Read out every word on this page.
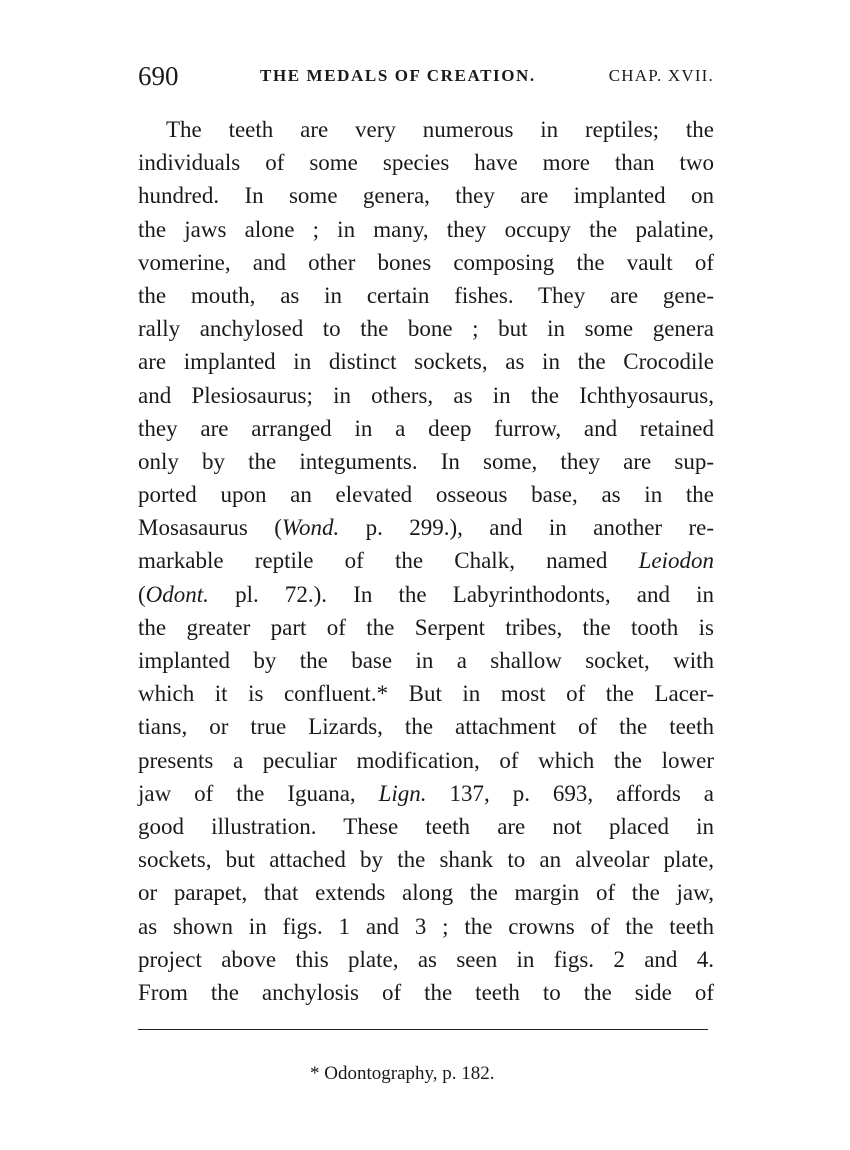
690	THE MEDALS OF CREATION.	CHAP. XVII.
The teeth are very numerous in reptiles; the
individuals of some species have more than two
hundred. In some genera, they are implanted on
the jaws alone ; in many, they occupy the palatine,
vomerine, and other bones composing the vault of
the mouth, as in certain fishes. They are gene-
rally anchylosed to the bone ; but in some genera
are implanted in distinct sockets, as in the Crocodile
and Plesiosaurus; in others, as in the Ichthyosaurus,
they are arranged in a deep furrow, and retained
only by the integuments. In some, they are sup-
ported upon an elevated osseous base, as in the
Mosasaurus (Wond. p. 299.), and in another re-
markable reptile of the Chalk, named Leiodon
(Odont. pl. 72.). In the Labyrinthodonts, and in
the greater part of the Serpent tribes, the tooth is
implanted by the base in a shallow socket, with
which it is confluent.* But in most of the Lacer-
tians, or true Lizards, the attachment of the teeth
presents a peculiar modification, of which the lower
jaw of the Iguana, Lign. 137, p. 693, affords a
good illustration. These teeth are not placed in
sockets, but attached by the shank to an alveolar plate,
or parapet, that extends along the margin of the jaw,
as shown in figs. 1 and 3 ; the crowns of the teeth
project above this plate, as seen in figs. 2 and 4.
From the anchylosis of the teeth to the side of
* Odontography, p. 182.
